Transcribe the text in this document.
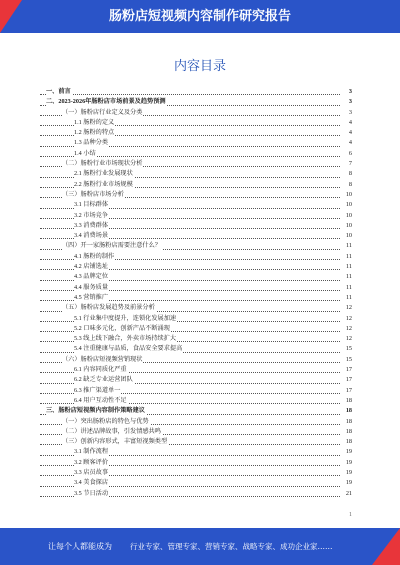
肠粉店短视频内容制作研究报告
内容目录
一、前言	3
二、2023-2026年肠粉店市场前景及趋势预测	3
（一）肠粉店行业定义及分类	3
1.1 肠粉的定义	4
1.2 肠粉的特点	4
1.3 品种分类	4
1.4 小结	6
（二）肠粉行业市场现状分析	7
2.1 肠粉行业发展现状	8
2.2 肠粉行业市场规模	8
（三）肠粉店市场分析	10
3.1 目标群体	10
3.2 市场竞争	10
3.3 消费群体	10
3.4 消费场景	10
（四）开一家肠粉店需要注意什么？	11
4.1 肠粉的制作	11
4.2 店铺选址	11
4.3 品牌定位	11
4.4 服务质量	11
4.5 营销推广	11
（五）肠粉店发展趋势及前景分析	12
5.1 行业集中度提升，连锁化发展加速	12
5.2 口味多元化，创新产品不断涌现	12
5.3 线上线下融合，外卖市场持续扩大	12
5.4 注重健康与品质，食品安全要求提高	15
（六）肠粉店短视频营销现状	15
6.1 内容同质化严重	17
6.2 缺乏专业运营团队	17
6.3 推广渠道单一	17
6.4 用户互动性不足	18
三、肠粉店短视频内容制作策略建议	18
（一）突出肠粉店的特色与优势	18
（二）讲述品牌故事，引发情感共鸣	18
（三）创新内容形式，丰富短视频类型	18
3.1 制作流程	19
3.2 顾客评价	19
3.3 店员故事	19
3.4 美食探店	19
3.5 节日活动	21
1
让每个人都能成为 行业专家、管理专家、营销专家、战略专家、成功企业家……
